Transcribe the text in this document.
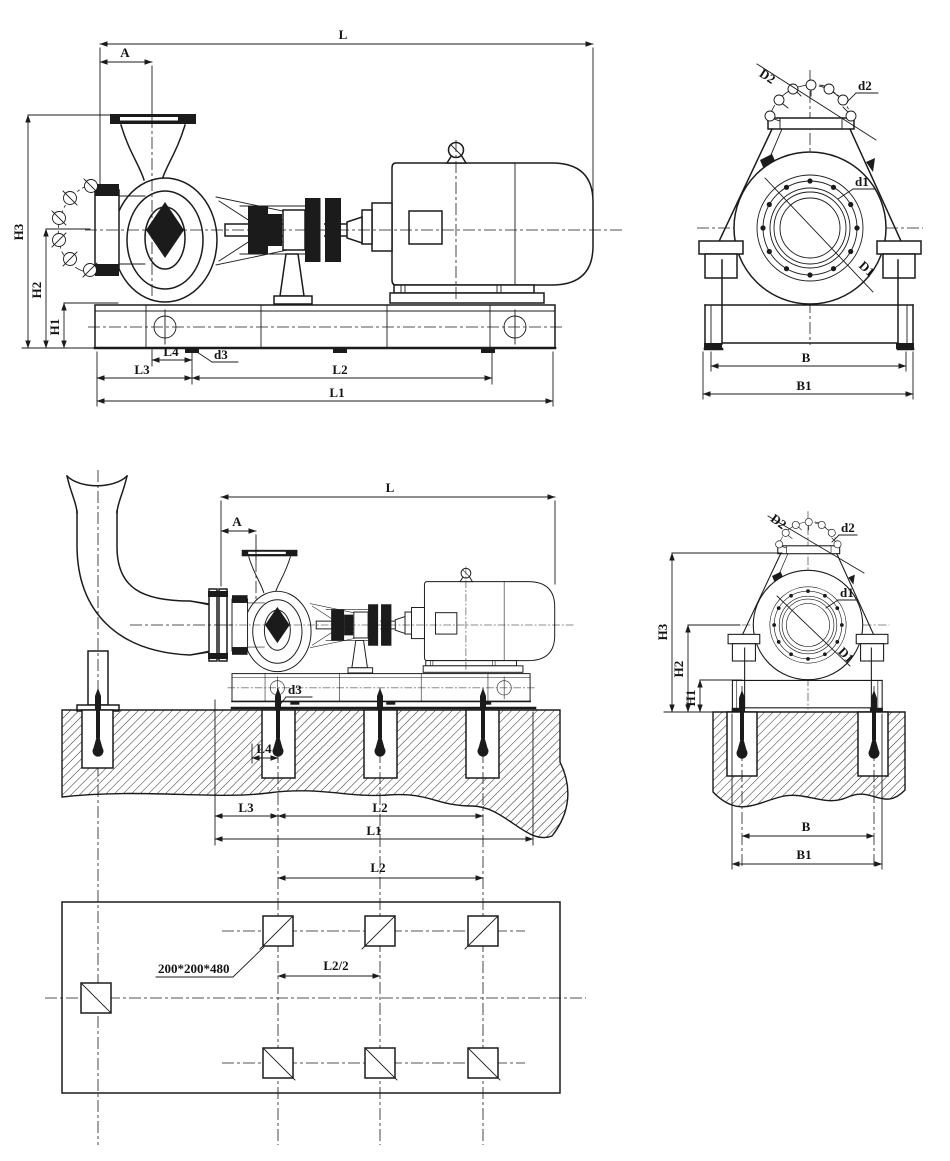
L
A
H3
H2
H1
L4	d3
L3	L2
L1
D2	d2
d1
D1
B
B1
L
A
d3
L4
L3	L2
L1
D2	d2
d1
D1
H3
H2
H1
B
B1
L2
L2/2
200*200*480
